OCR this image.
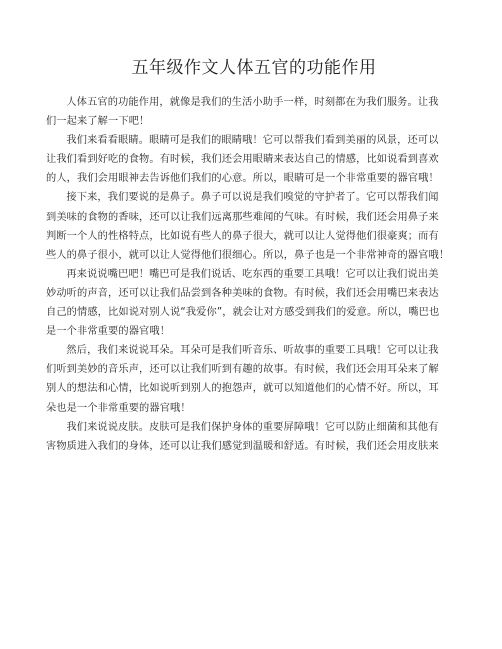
五年级作文人体五官的功能作用

人体五官的功能作用，就像是我们的生活小助手一样，时刻都在为我们服务。让我
们一起来了解一下吧！

我们来看看眼睛。眼睛可是我们的眼睛哦！它可以帮我们看到美丽的风景，还可以
让我们看到好吃的食物。有时候，我们还会用眼睛来表达自己的情感，比如说看到喜欢
的人，我们会用眼神去告诉他们我们的心意。所以，眼睛可是一个非常重要的器官哦！

接下来，我们要说的是鼻子。鼻子可以说是我们嗅觉的守护者了。它可以帮我们闻
到美味的食物的香味，还可以让我们远离那些难闻的气味。有时候，我们还会用鼻子来
判断一个人的性格特点，比如说有些人的鼻子很大，就可以让人觉得他们很豪爽；而有
些人的鼻子很小，就可以让人觉得他们很细心。所以，鼻子也是一个非常神奇的器官哦！

再来说说嘴巴吧！嘴巴可是我们说话、吃东西的重要工具哦！它可以让我们说出美
妙动听的声音，还可以让我们品尝到各种美味的食物。有时候，我们还会用嘴巴来表达
自己的情感，比如说对别人说“我爱你”，就会让对方感受到我们的爱意。所以，嘴巴也
是一个非常重要的器官哦！

然后，我们来说说耳朵。耳朵可是我们听音乐、听故事的重要工具哦！它可以让我
们听到美妙的音乐声，还可以让我们听到有趣的故事。有时候，我们还会用耳朵来了解
别人的想法和心情，比如说听到别人的抱怨声，就可以知道他们的心情不好。所以，耳
朵也是一个非常重要的器官哦！

我们来说说皮肤。皮肤可是我们保护身体的重要屏障哦！它可以防止细菌和其他有
害物质进入我们的身体，还可以让我们感觉到温暖和舒适。有时候，我们还会用皮肤来
